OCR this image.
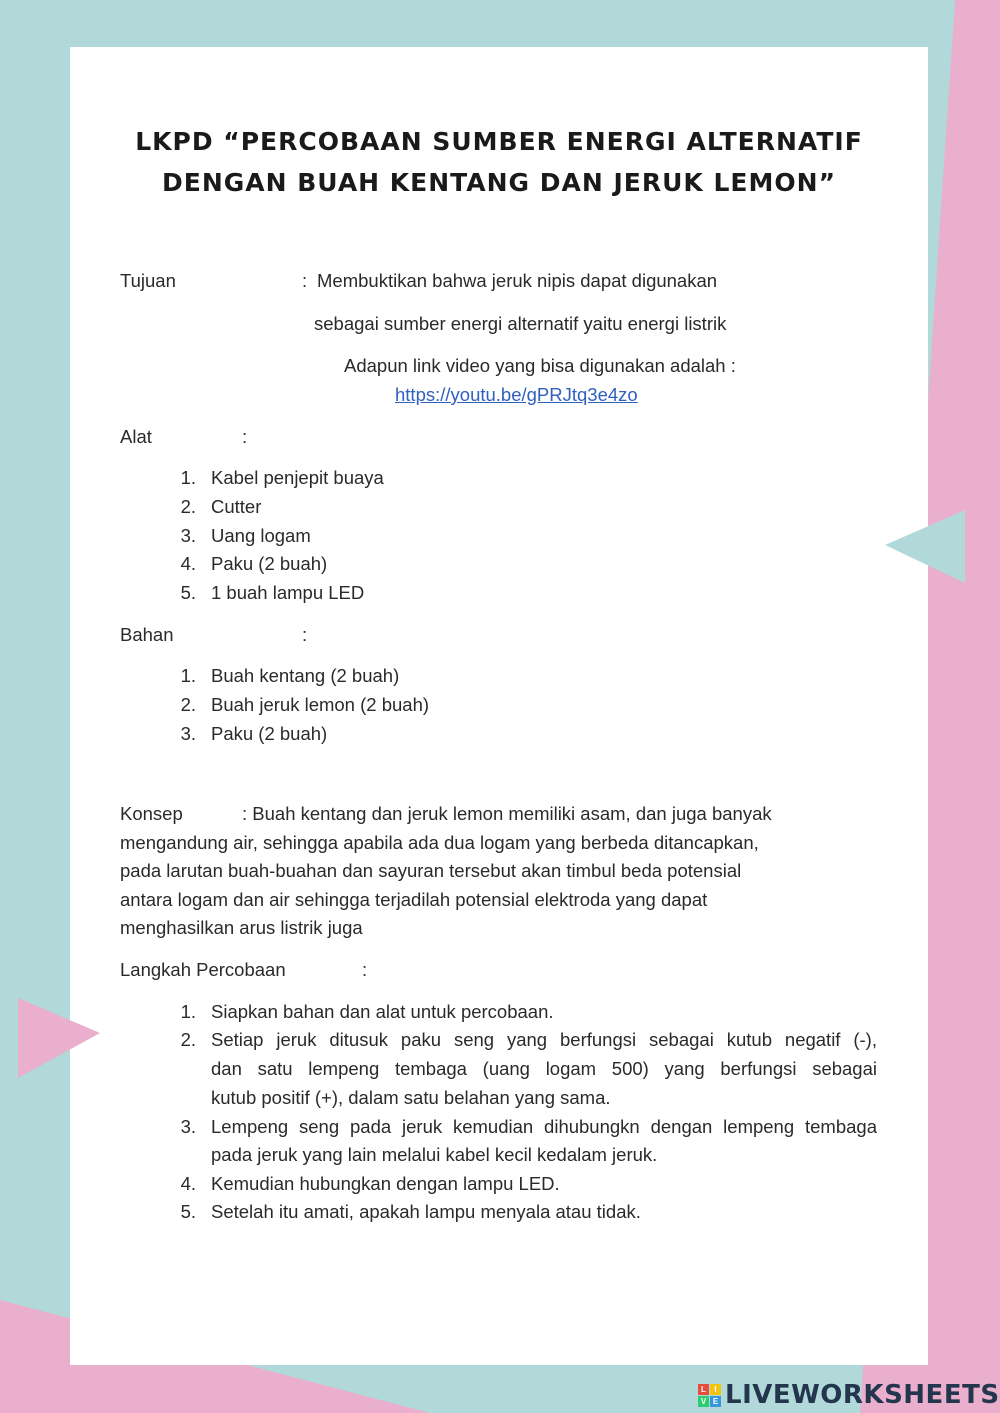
LKPD “PERCOBAAN SUMBER ENERGI ALTERNATIF
DENGAN BUAH KENTANG DAN JERUK LEMON”
Tujuan	: Membuktikan bahwa jeruk nipis dapat digunakan
sebagai sumber energi alternatif yaitu energi listrik
Adapun link video yang bisa digunakan adalah :
https://youtu.be/gPRJtq3e4zo
Alat	:
1. Kabel penjepit buaya
2. Cutter
3. Uang logam
4. Paku (2 buah)
5. 1 buah lampu LED
Bahan	:
1. Buah kentang (2 buah)
2. Buah jeruk lemon (2 buah)
3. Paku (2 buah)
Konsep	: Buah kentang dan jeruk lemon memiliki asam, dan juga banyak
mengandung air, sehingga apabila ada dua logam yang berbeda ditancapkan,
pada larutan buah-buahan dan sayuran tersebut akan timbul beda potensial
antara logam dan air sehingga terjadilah potensial elektroda yang dapat
menghasilkan arus listrik juga
Langkah Percobaan	:
1. Siapkan bahan dan alat untuk percobaan.
2. Setiap jeruk ditusuk paku seng yang berfungsi sebagai kutub negatif (-),
dan satu lempeng tembaga (uang logam 500) yang berfungsi sebagai
kutub positif (+), dalam satu belahan yang sama.
3. Lempeng seng pada jeruk kemudian dihubungkn dengan lempeng tembaga
pada jeruk yang lain melalui kabel kecil kedalam jeruk.
4. Kemudian hubungkan dengan lampu LED.
5. Setelah itu amati, apakah lampu menyala atau tidak.
L	I
V E LIVEWORKSHEETS
